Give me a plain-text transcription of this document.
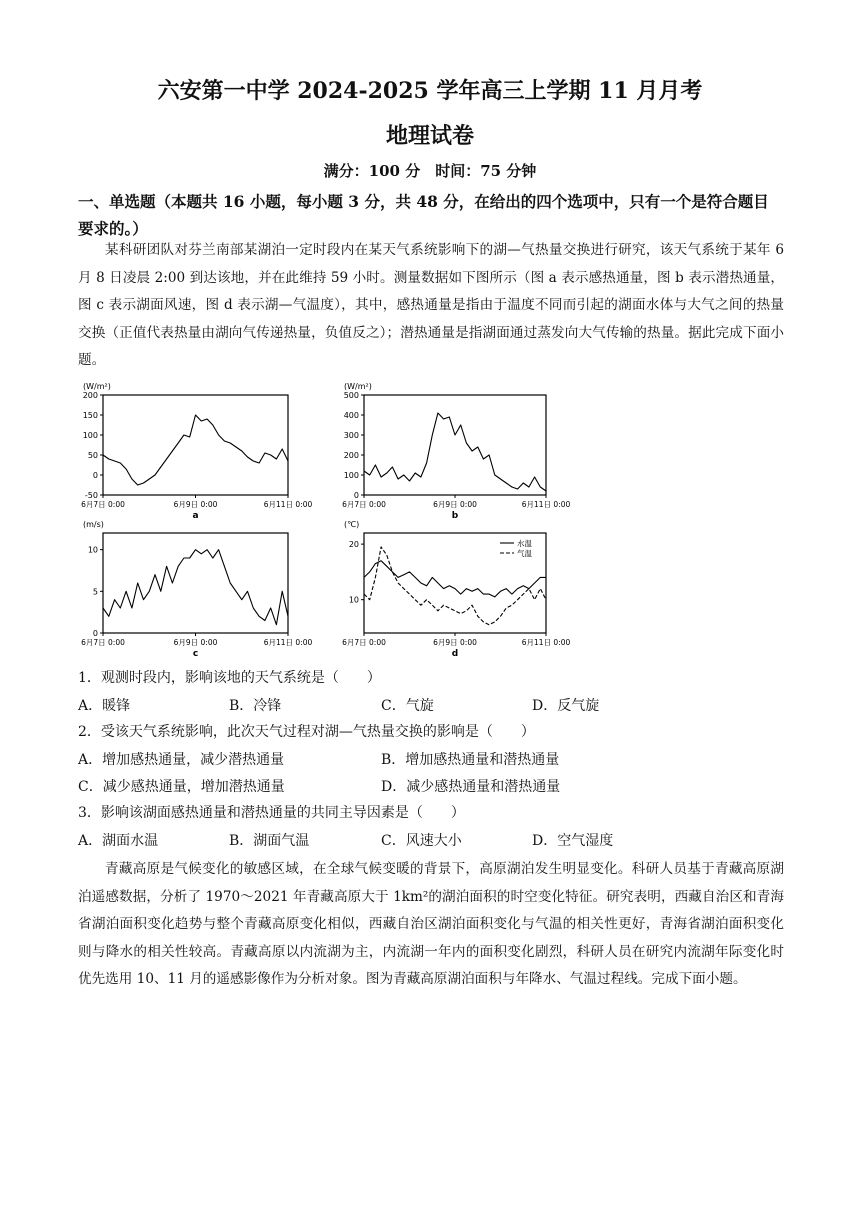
六安第一中学 2024-2025 学年高三上学期 11 月月考
地理试卷
满分：100 分　时间：75 分钟
一、单选题（本题共 16 小题，每小题 3 分，共 48 分，在给出的四个选项中，只有一个是符合题目要求的。）
某科研团队对芬兰南部某湖泊一定时段内在某天气系统影响下的湖—气热量交换进行研究，该天气系统于某年 6 月 8 日凌晨 2:00 到达该地，并在此维持 59 小时。测量数据如下图所示（图 a 表示感热通量，图 b 表示潜热通量，图 c 表示湖面风速，图 d 表示湖—气温度），其中，感热通量是指由于温度不同而引起的湖面水体与大气之间的热量交换（正值代表热量由湖向气传递热量，负值反之）；潜热通量是指湖面通过蒸发向大气传输的热量。据此完成下面小题。
200
150
100
50
0
-50
(W/m²)
6月7日 0:00	6月9日 0:00	6月11日 0:00
a
500
400
300
200
100
0
(W/m²)
6月7日 0:00	6月9日 0:00	6月11日 0:00
b
10
5
0
(m/s)
6月7日 0:00	6月9日 0:00	6月11日 0:00
c
20
10
(℃)
6月7日 0:00	6月9日 0:00	6月11日 0:00
d
水温
气温
1．观测时段内，影响该地的天气系统是（　　）
A．暖锋	B．冷锋	C．气旋	D．反气旋
2．受该天气系统影响，此次天气过程对湖—气热量交换的影响是（　　）
A．增加感热通量，减少潜热通量	B．增加感热通量和潜热通量
C．减少感热通量，增加潜热通量	D．减少感热通量和潜热通量
3．影响该湖面感热通量和潜热通量的共同主导因素是（　　）
A．湖面水温	B．湖面气温	C．风速大小	D．空气湿度
青藏高原是气候变化的敏感区域，在全球气候变暖的背景下，高原湖泊发生明显变化。科研人员基于青藏高原湖泊遥感数据，分析了 1970～2021 年青藏高原大于 1km²的湖泊面积的时空变化特征。研究表明，西藏自治区和青海省湖泊面积变化趋势与整个青藏高原变化相似，西藏自治区湖泊面积变化与气温的相关性更好，青海省湖泊面积变化则与降水的相关性较高。青藏高原以内流湖为主，内流湖一年内的面积变化剧烈，科研人员在研究内流湖年际变化时优先选用 10、11 月的遥感影像作为分析对象。图为青藏高原湖泊面积与年降水、气温过程线。完成下面小题。
